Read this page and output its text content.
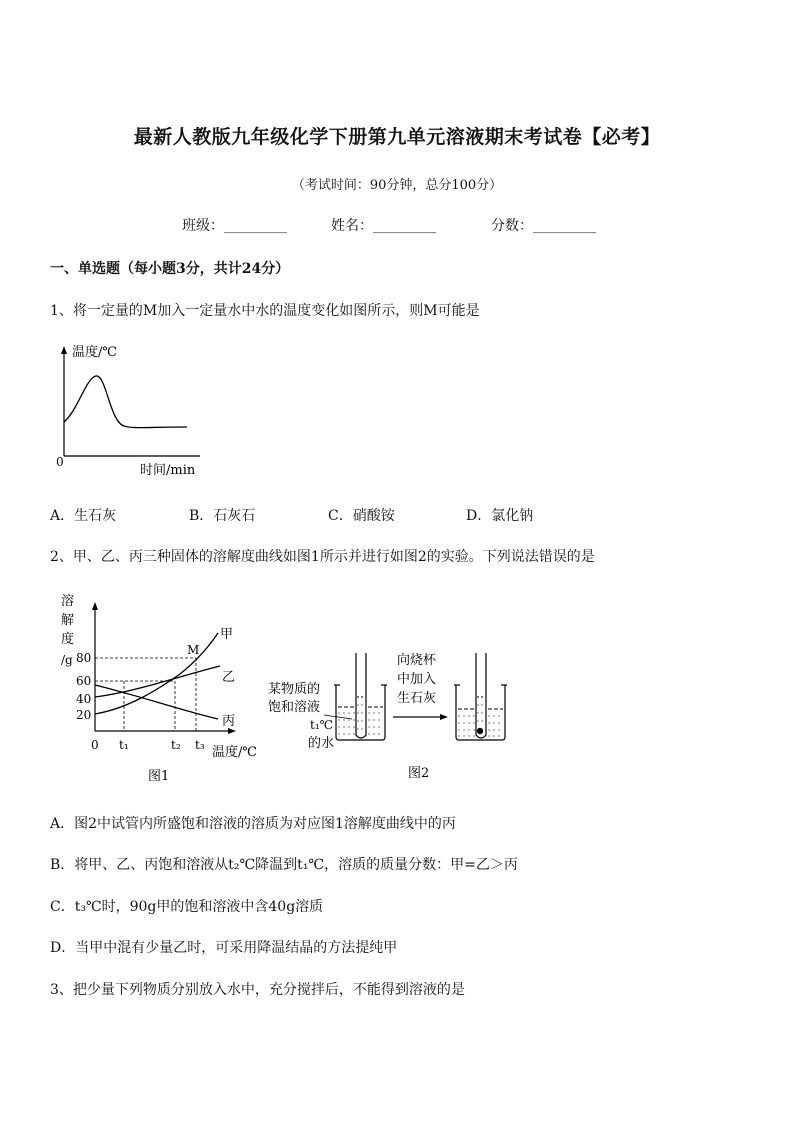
最新人教版九年级化学下册第九单元溶液期末考试卷【必考】
（考试时间：90分钟，总分100分）
班级：_________	姓名：_________	分数：_________
一、单选题（每小题3分，共计24分）
1、将一定量的M加入一定量水中水的温度变化如图所示，则M可能是
温度/℃
0
时间/min
A．生石灰	B．石灰石	C．硝酸铵	D．氯化钠
2、甲、乙、丙三种固体的溶解度曲线如图1所示并进行如图2的实验。下列说法错误的是
溶
解
度
/g 80
60
40
20
0 t₁	t₂ t₃ 温度/℃
甲
乙
丙
M
图1
某物质的
饱和溶液
t₁℃
的水
向烧杯
中加入
生石灰
图2
A．图2中试管内所盛饱和溶液的溶质为对应图1溶解度曲线中的丙
B．将甲、乙、丙饱和溶液从t₂℃降温到t₁℃，溶质的质量分数：甲=乙＞丙
C．t₃℃时，90g甲的饱和溶液中含40g溶质
D．当甲中混有少量乙时，可采用降温结晶的方法提纯甲
3、把少量下列物质分别放入水中，充分搅拌后，不能得到溶液的是
